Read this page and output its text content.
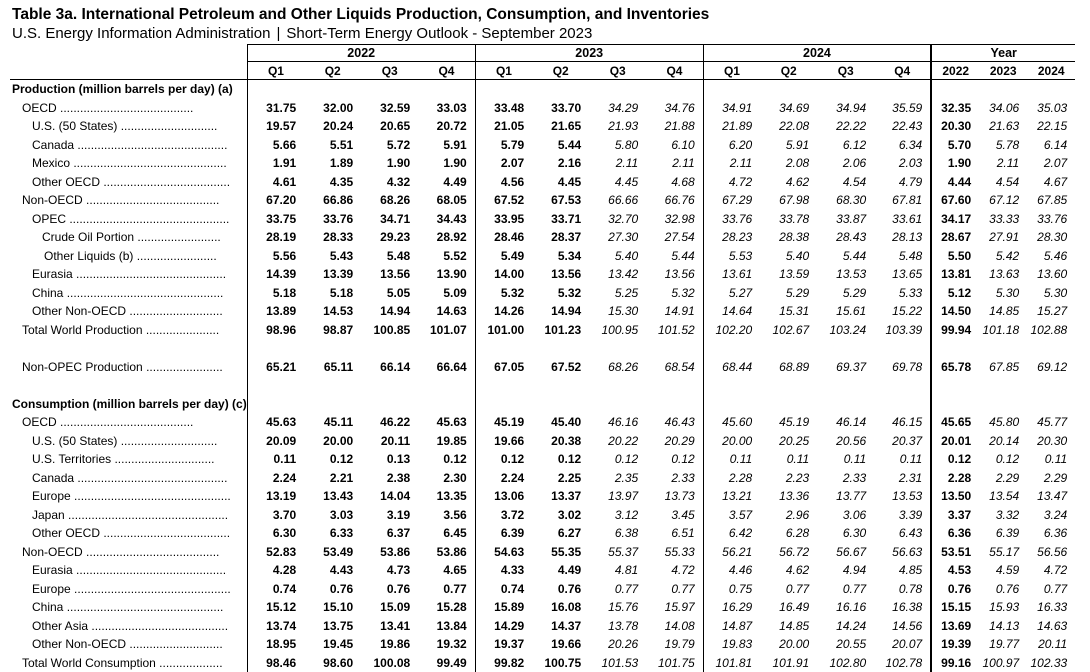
Table 3a. International Petroleum and Other Liquids Production, Consumption, and Inventories
U.S. Energy Information Administration | Short-Term Energy Outlook - September 2023
	2022				2023				2024				Year		
	Q1	Q2	Q3	Q4	Q1	Q2	Q3	Q4	Q1	Q2	Q3	Q4	2022	2023	2024
Production (million barrels per day) (a)															
OECD ........................................	31.75	32.00	32.59	33.03	33.48	33.70	34.29	34.76	34.91	34.69	34.94	35.59	32.35	34.06	35.03
U.S. (50 States) .............................	19.57	20.24	20.65	20.72	21.05	21.65	21.93	21.88	21.89	22.08	22.22	22.43	20.30	21.63	22.15
Canada .............................................	5.66	5.51	5.72	5.91	5.79	5.44	5.80	6.10	6.20	5.91	6.12	6.34	5.70	5.78	6.14
Mexico ..............................................	1.91	1.89	1.90	1.90	2.07	2.16	2.11	2.11	2.11	2.08	2.06	2.03	1.90	2.11	2.07
Other OECD ......................................	4.61	4.35	4.32	4.49	4.56	4.45	4.45	4.68	4.72	4.62	4.54	4.79	4.44	4.54	4.67
Non-OECD ........................................	67.20	66.86	68.26	68.05	67.52	67.53	66.66	66.76	67.29	67.98	68.30	67.81	67.60	67.12	67.85
OPEC ................................................	33.75	33.76	34.71	34.43	33.95	33.71	32.70	32.98	33.76	33.78	33.87	33.61	34.17	33.33	33.76
Crude Oil Portion .........................	28.19	28.33	29.23	28.92	28.46	28.37	27.30	27.54	28.23	28.38	28.43	28.13	28.67	27.91	28.30
Other Liquids (b) ........................	5.56	5.43	5.48	5.52	5.49	5.34	5.40	5.44	5.53	5.40	5.44	5.48	5.50	5.42	5.46
Eurasia .............................................	14.39	13.39	13.56	13.90	14.00	13.56	13.42	13.56	13.61	13.59	13.53	13.65	13.81	13.63	13.60
China ...............................................	5.18	5.18	5.05	5.09	5.32	5.32	5.25	5.32	5.27	5.29	5.29	5.33	5.12	5.30	5.30
Other Non-OECD ............................	13.89	14.53	14.94	14.63	14.26	14.94	15.30	14.91	14.64	15.31	15.61	15.22	14.50	14.85	15.27
Total World Production ......................	98.96	98.87	100.85	101.07	101.00	101.23	100.95	101.52	102.20	102.67	103.24	103.39	99.94	101.18	102.88

Non-OPEC Production .......................	65.21	65.11	66.14	66.64	67.05	67.52	68.26	68.54	68.44	68.89	69.37	69.78	65.78	67.85	69.12

Consumption (million barrels per day) (c)															
OECD ........................................	45.63	45.11	46.22	45.63	45.19	45.40	46.16	46.43	45.60	45.19	46.14	46.15	45.65	45.80	45.77
U.S. (50 States) .............................	20.09	20.00	20.11	19.85	19.66	20.38	20.22	20.29	20.00	20.25	20.56	20.37	20.01	20.14	20.30
U.S. Territories ..............................	0.11	0.12	0.13	0.12	0.12	0.12	0.12	0.12	0.11	0.11	0.11	0.11	0.12	0.12	0.11
Canada .............................................	2.24	2.21	2.38	2.30	2.24	2.25	2.35	2.33	2.28	2.23	2.33	2.31	2.28	2.29	2.29
Europe ...............................................	13.19	13.43	14.04	13.35	13.06	13.37	13.97	13.73	13.21	13.36	13.77	13.53	13.50	13.54	13.47
Japan ................................................	3.70	3.03	3.19	3.56	3.72	3.02	3.12	3.45	3.57	2.96	3.06	3.39	3.37	3.32	3.24
Other OECD ......................................	6.30	6.33	6.37	6.45	6.39	6.27	6.38	6.51	6.42	6.28	6.30	6.43	6.36	6.39	6.36
Non-OECD ........................................	52.83	53.49	53.86	53.86	54.63	55.35	55.37	55.33	56.21	56.72	56.67	56.63	53.51	55.17	56.56
Eurasia .............................................	4.28	4.43	4.73	4.65	4.33	4.49	4.81	4.72	4.46	4.62	4.94	4.85	4.53	4.59	4.72
Europe ...............................................	0.74	0.76	0.76	0.77	0.74	0.76	0.77	0.77	0.75	0.77	0.77	0.78	0.76	0.76	0.77
China ...............................................	15.12	15.10	15.09	15.28	15.89	16.08	15.76	15.97	16.29	16.49	16.16	16.38	15.15	15.93	16.33
Other Asia .........................................	13.74	13.75	13.41	13.84	14.29	14.37	13.78	14.08	14.87	14.85	14.24	14.56	13.69	14.13	14.63
Other Non-OECD ............................	18.95	19.45	19.86	19.32	19.37	19.66	20.26	19.79	19.83	20.00	20.55	20.07	19.39	19.77	20.11
Total World Consumption ...................	98.46	98.60	100.08	99.49	99.82	100.75	101.53	101.75	101.81	101.91	102.80	102.78	99.16	100.97	102.33
